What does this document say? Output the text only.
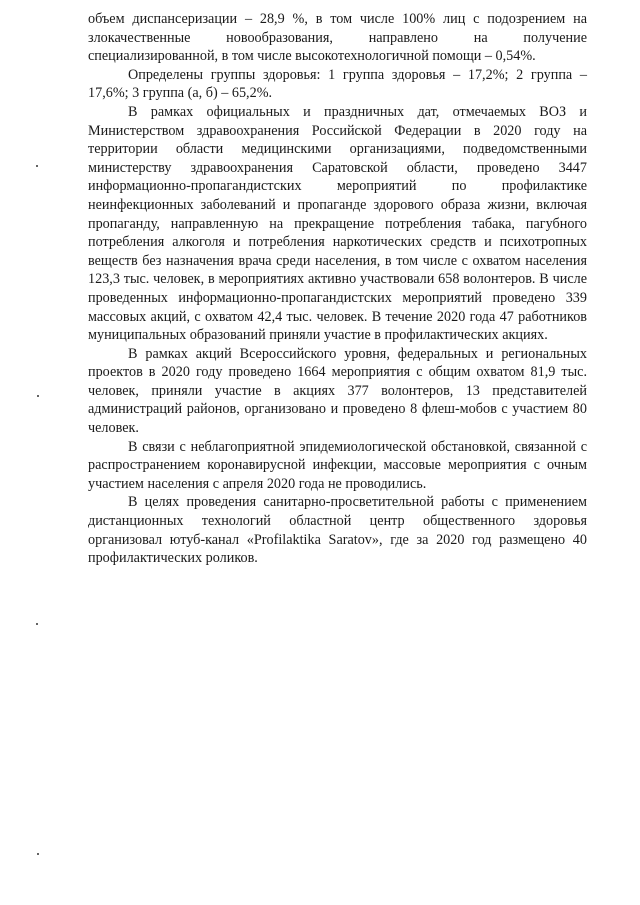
объем диспансеризации – 28,9 %, в том числе 100% лиц с подозрением на злокачественные новообразования, направлено на получение специализированной, в том числе высокотехнологичной помощи – 0,54%.

Определены группы здоровья: 1 группа здоровья – 17,2%; 2 группа – 17,6%; 3 группа (а, б) – 65,2%.

В рамках официальных и праздничных дат, отмечаемых ВОЗ и Министерством здравоохранения Российской Федерации в 2020 году на территории области медицинскими организациями, подведомственными министерству здравоохранения Саратовской области, проведено 3447 информационно-пропагандистских мероприятий по профилактике неинфекционных заболеваний и пропаганде здорового образа жизни, включая пропаганду, направленную на прекращение потребления табака, пагубного потребления алкоголя и потребления наркотических средств и психотропных веществ без назначения врача среди населения, в том числе с охватом населения 123,3 тыс. человек, в мероприятиях активно участвовали 658 волонтеров. В числе проведенных информационно-пропагандистских мероприятий проведено 339 массовых акций, с охватом 42,4 тыс. человек. В течение 2020 года 47 работников муниципальных образований приняли участие в профилактических акциях.

В рамках акций Всероссийского уровня, федеральных и региональных проектов в 2020 году проведено 1664 мероприятия с общим охватом 81,9 тыс. человек, приняли участие в акциях 377 волонтеров, 13 представителей администраций районов, организовано и проведено 8 флеш-мобов с участием 80 человек.

В связи с неблагоприятной эпидемиологической обстановкой, связанной с распространением коронавирусной инфекции, массовые мероприятия с очным участием населения с апреля 2020 года не проводились.

В целях проведения санитарно-просветительной работы с применением дистанционных технологий областной центр общественного здоровья организовал ютуб-канал «Profilaktika Saratov», где за 2020 год размещено 40 профилактических роликов.
